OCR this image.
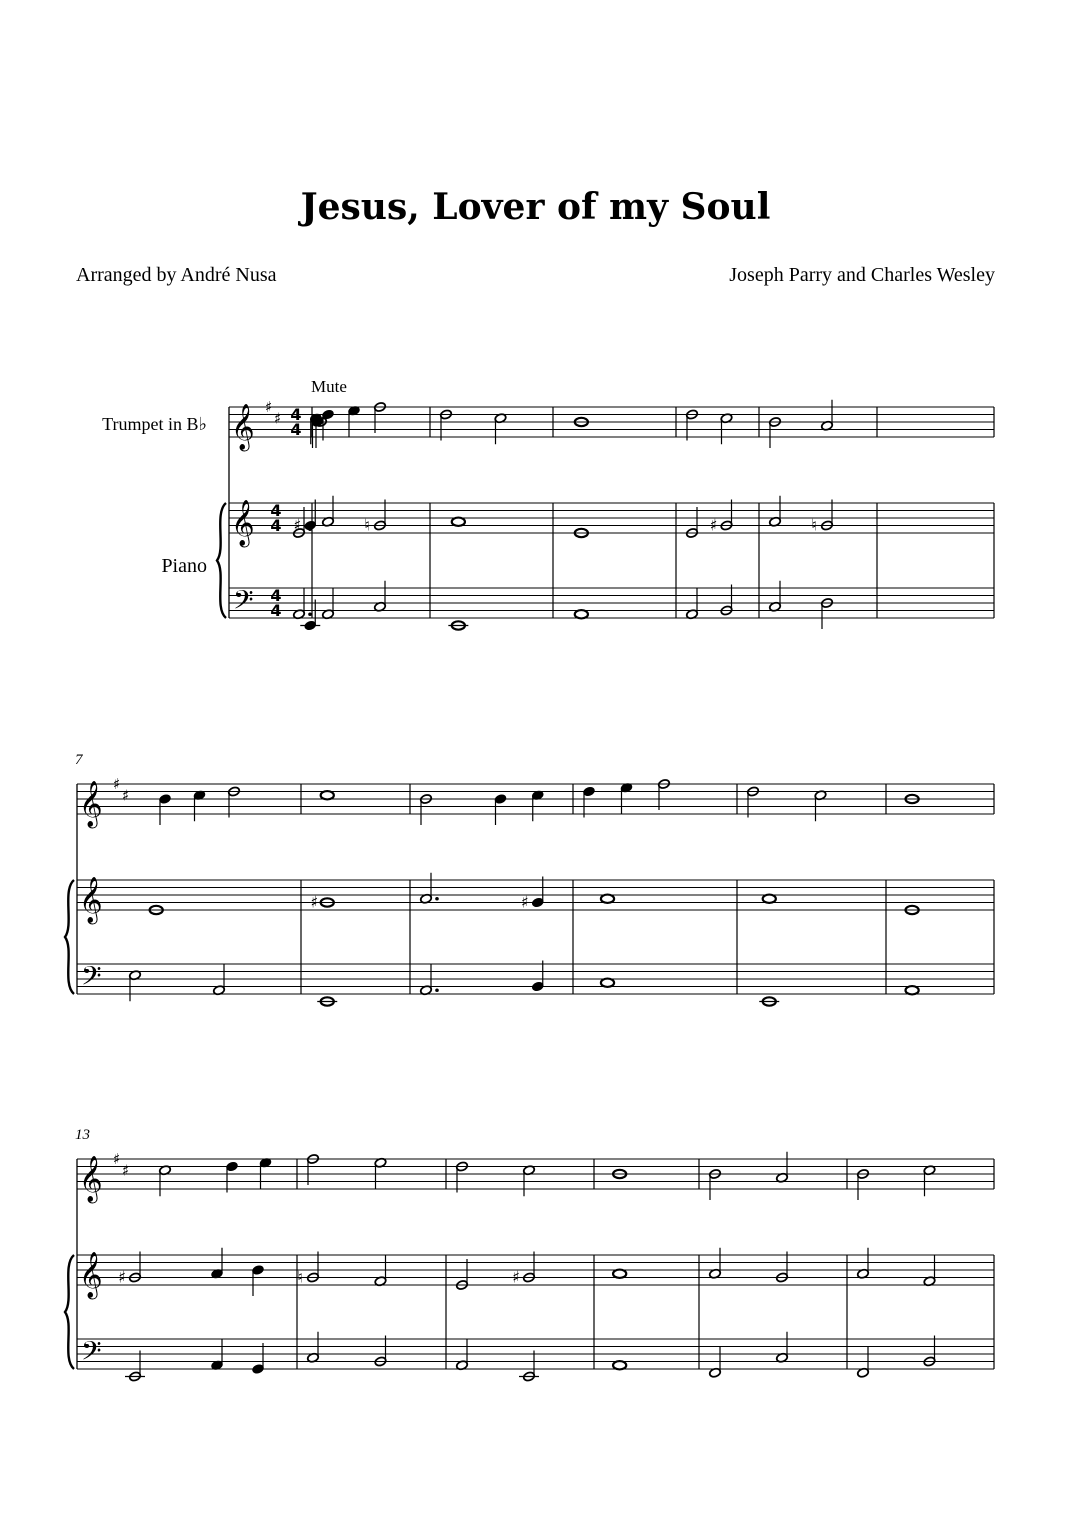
Jesus, Lover of my Soul
Arranged by André Nusa	Joseph Parry and Charles Wesley
Trumpet in B♭
Piano
Mute
𝄞
𝄞
𝄢
♯
♯ 4
4
4
4
4
4
♯	♮	♯	♮
𝄞
𝄞
𝄢
♯
♯
7
♯	♯
𝄞
𝄞
𝄢
♯
♯
13
♯	♮	♯
